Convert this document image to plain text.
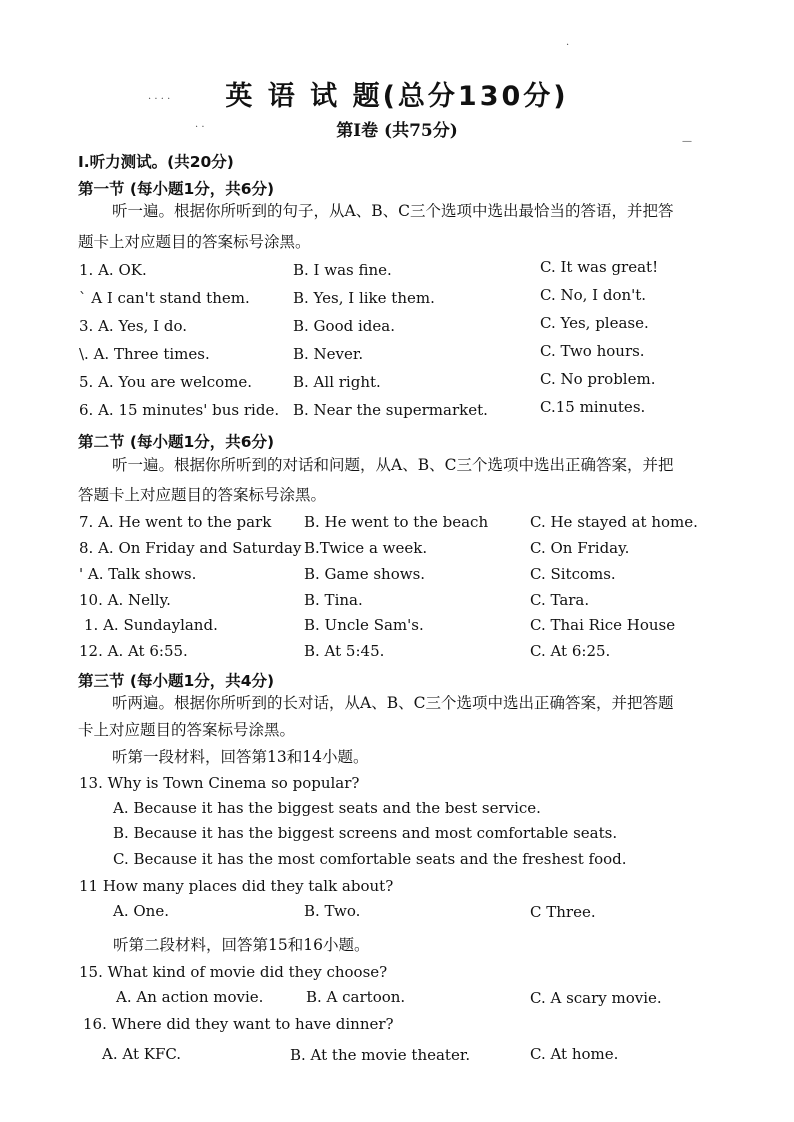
· · · ·
· ·
—
·
英 语 试 题(总分130分)
第Ⅰ卷 (共75分)
Ⅰ.听力测试。(共20分)
第一节 (每小题1分，共6分)

听一遍。根据你所听到的句子，从A、B、C三个选项中选出最恰当的答语，并把答

题卡上对应题目的答案标号涂黑。

1. A. OK.	B. I was fine.	C. It was great!
` A I can't stand them.	B. Yes, I like them.	C. No, I don't.
3. A. Yes, I do.	B. Good idea.	C. Yes, please.
\. A. Three times.	B. Never.	C. Two hours.
5. A. You are welcome.	B. All right.	C. No problem.
6. A. 15 minutes' bus ride. B. Near the supermarket.	C.15 minutes.
第二节 (每小题1分，共6分)

听一遍。根据你所听到的对话和问题，从A、B、C三个选项中选出正确答案，并把

答题卡上对应题目的答案标号涂黑。

7. A. He went to the park B. He went to the beach	C. He stayed at home.
8. A. On Friday and Saturday B.Twice a week.	C. On Friday.
' A. Talk shows.	B. Game shows.	C. Sitcoms.
10. A. Nelly.	B. Tina.	C. Tara.
1. A. Sundayland.	B. Uncle Sam's.	C. Thai Rice House
12. A. At 6:55.	B. At 5:45.	C. At 6:25.
第三节 (每小题1分，共4分)

听两遍。根据你所听到的长对话，从A、B、C三个选项中选出正确答案，并把答题

卡上对应题目的答案标号涂黑。

听第一段材料，回答第13和14小题。

13. Why is Town Cinema so popular?
A. Because it has the biggest seats and the best service.
B. Because it has the biggest screens and most comfortable seats.
C. Because it has the most comfortable seats and the freshest food.
11 How many places did they talk about?
A. One.	B. Two.	C Three.

听第二段材料，回答第15和16小题。

15. What kind of movie did they choose?
A. An action movie.	B. A cartoon.	C. A scary movie.
16. Where did they want to have dinner?
A. At KFC.	B. At the movie theater.	C. At home.
